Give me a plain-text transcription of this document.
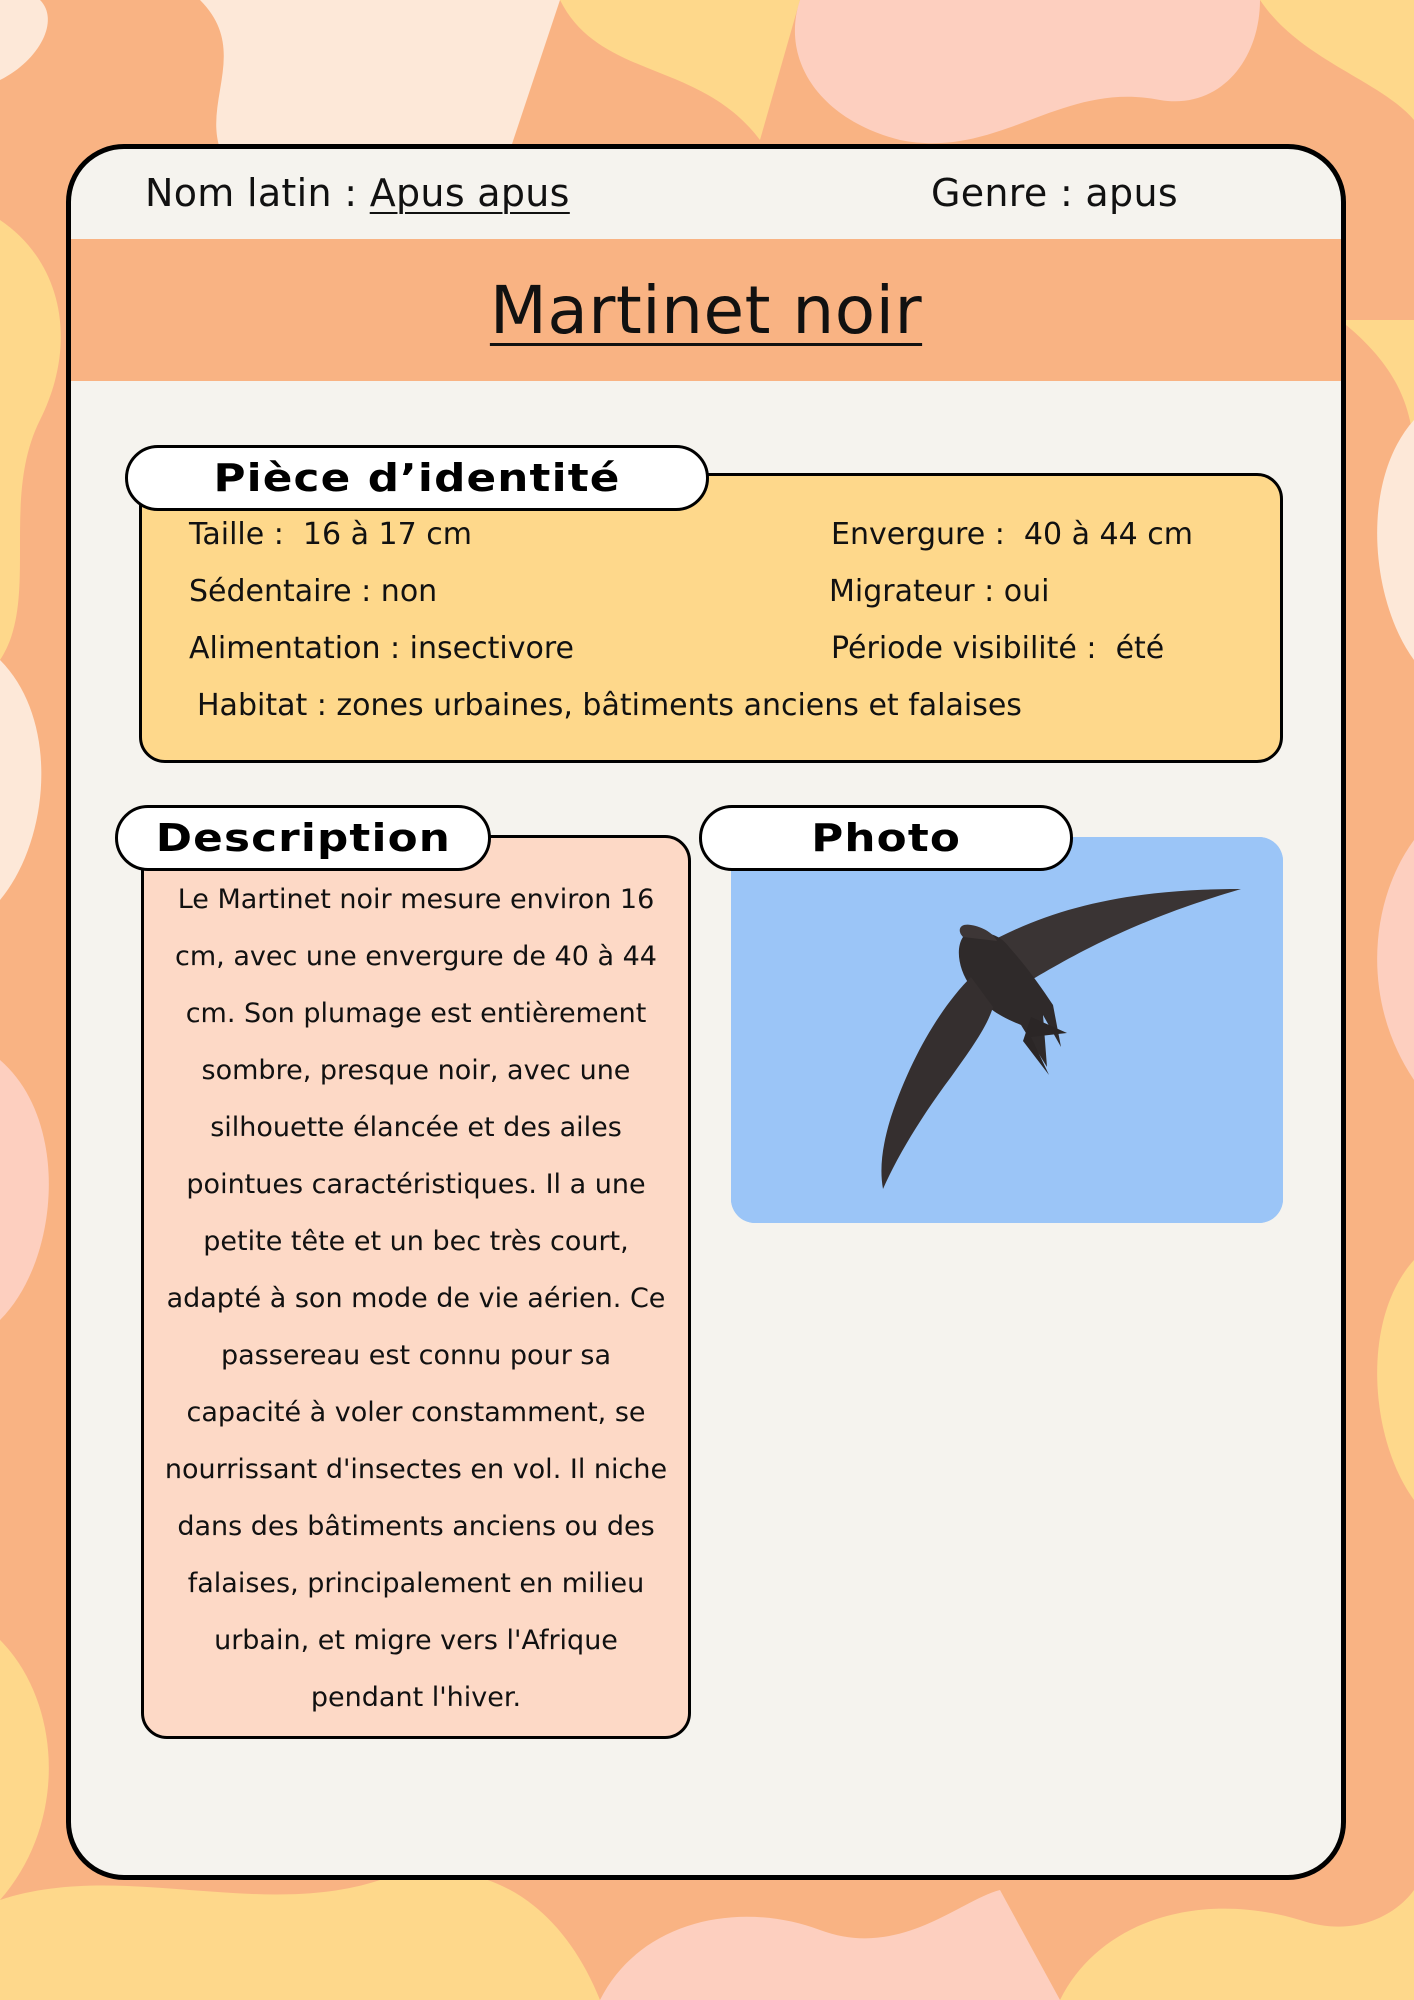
Nom latin : Apus apus	Genre : apus
Martinet noir
Pièce d’identité
Taille :  16 à 17 cm	Envergure :  40 à 44 cm
Sédentaire : non	Migrateur : oui
Alimentation : insectivore	Période visibilité :  été
Habitat : zones urbaines, bâtiments anciens et falaises
Description
Le Martinet noir mesure environ 16
cm, avec une envergure de 40 à 44
cm. Son plumage est entièrement
sombre, presque noir, avec une
silhouette élancée et des ailes
pointues caractéristiques. Il a une
petite tête et un bec très court,
adapté à son mode de vie aérien. Ce
passereau est connu pour sa
capacité à voler constamment, se
nourrissant d'insectes en vol. Il niche
dans des bâtiments anciens ou des
falaises, principalement en milieu
urbain, et migre vers l'Afrique
pendant l'hiver.
Photo
